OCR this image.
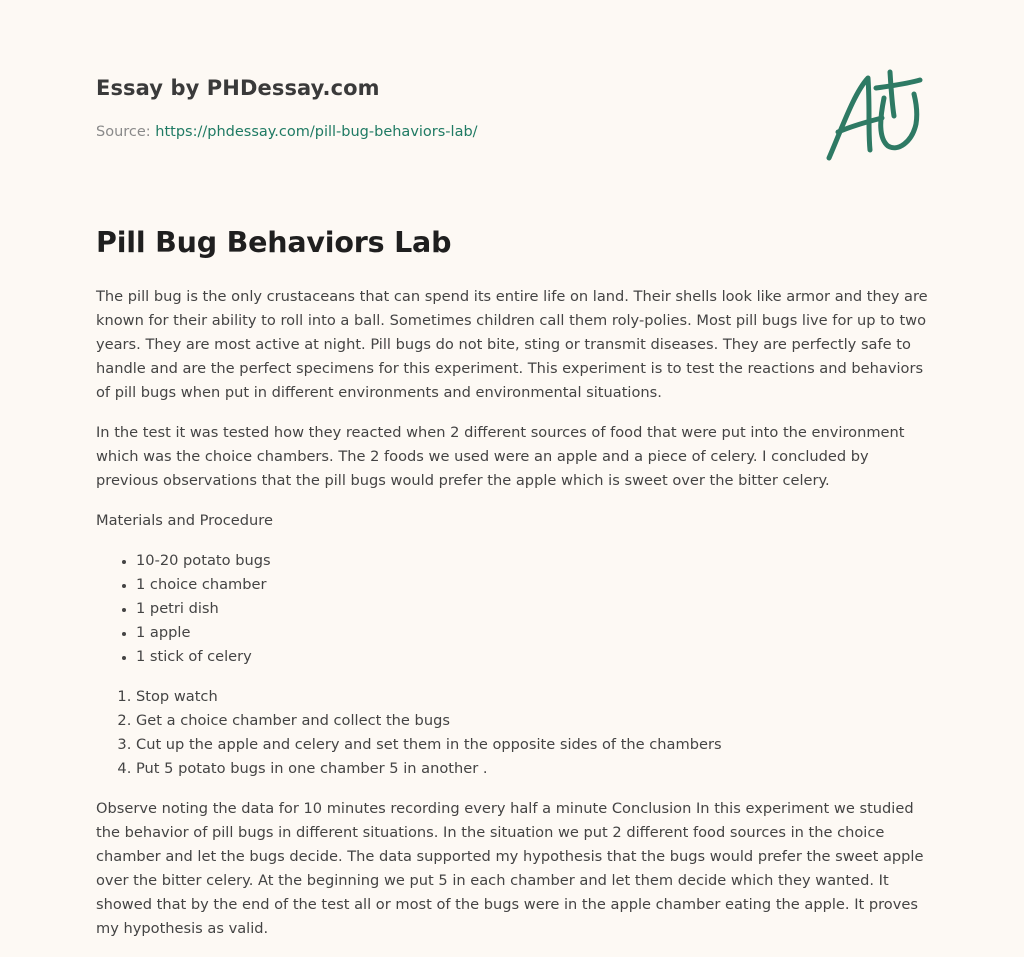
Essay by PHDessay.com

Source: https://phdessay.com/pill-bug-behaviors-lab/

Pill Bug Behaviors Lab

The pill bug is the only crustaceans that can spend its entire life on land. Their shells look like armor and they are known for their ability to roll into a ball. Sometimes children call them roly-polies. Most pill bugs live for up to two years. They are most active at night. Pill bugs do not bite, sting or transmit diseases. They are perfectly safe to handle and are the perfect specimens for this experiment. This experiment is to test the reactions and behaviors of pill bugs when put in different environments and environmental situations.

In the test it was tested how they reacted when 2 different sources of food that were put into the environment which was the choice chambers. The 2 foods we used were an apple and a piece of celery. I concluded by previous observations that the pill bugs would prefer the apple which is sweet over the bitter celery.

Materials and Procedure

• 10-20 potato bugs
• 1 choice chamber
• 1 petri dish
• 1 apple
• 1 stick of celery
1. Stop watch
2. Get a choice chamber and collect the bugs
3. Cut up the apple and celery and set them in the opposite sides of the chambers
4. Put 5 potato bugs in one chamber 5 in another .

Observe noting the data for 10 minutes recording every half a minute Conclusion In this experiment we studied the behavior of pill bugs in different situations. In the situation we put 2 different food sources in the choice chamber and let the bugs decide. The data supported my hypothesis that the bugs would prefer the sweet apple over the bitter celery. At the beginning we put 5 in each chamber and let them decide which they wanted. It showed that by the end of the test all or most of the bugs were in the apple chamber eating the apple. It proves my hypothesis as valid.
